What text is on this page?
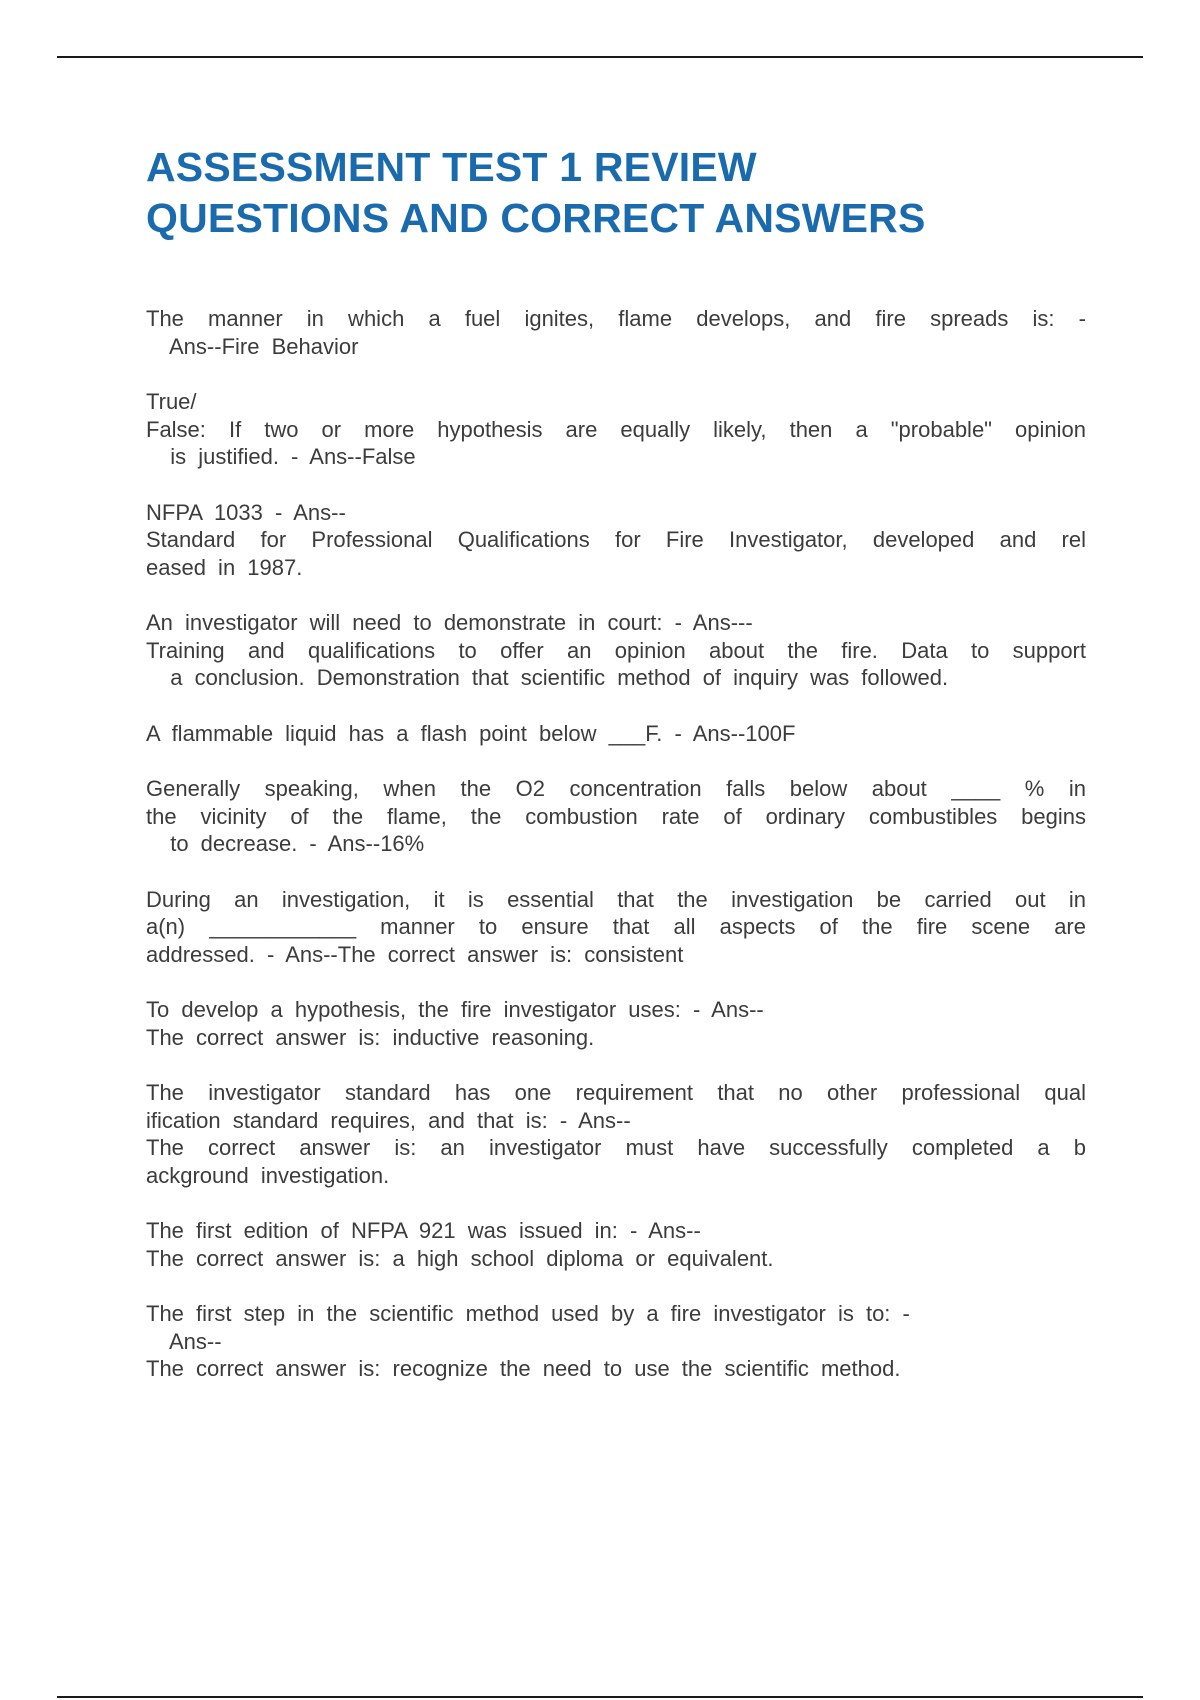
ASSESSMENT TEST 1 REVIEW
QUESTIONS AND CORRECT ANSWERS
The manner in which a fuel ignites, flame develops, and fire spreads is: -
Ans--Fire Behavior
True/
False: If two or more hypothesis are equally likely, then a "probable" opinion
is justified. - Ans--False
NFPA 1033 - Ans--
Standard for Professional Qualifications for Fire Investigator, developed and rel
eased in 1987.
An investigator will need to demonstrate in court: - Ans---
Training and qualifications to offer an opinion about the fire. Data to support
a conclusion. Demonstration that scientific method of inquiry was followed.
A flammable liquid has a flash point below ___F. - Ans--100F
Generally speaking, when the O2 concentration falls below about ____ % in
the vicinity of the flame, the combustion rate of ordinary combustibles begins
to decrease. - Ans--16%
During an investigation, it is essential that the investigation be carried out in
a(n) ____________ manner to ensure that all aspects of the fire scene are
addressed. - Ans--The correct answer is: consistent
To develop a hypothesis, the fire investigator uses: - Ans--
The correct answer is: inductive reasoning.
The investigator standard has one requirement that no other professional qual
ification standard requires, and that is: - Ans--
The correct answer is: an investigator must have successfully completed a b
ackground investigation.
The first edition of NFPA 921 was issued in: - Ans--
The correct answer is: a high school diploma or equivalent.
The first step in the scientific method used by a fire investigator is to: -
Ans--
The correct answer is: recognize the need to use the scientific method.
